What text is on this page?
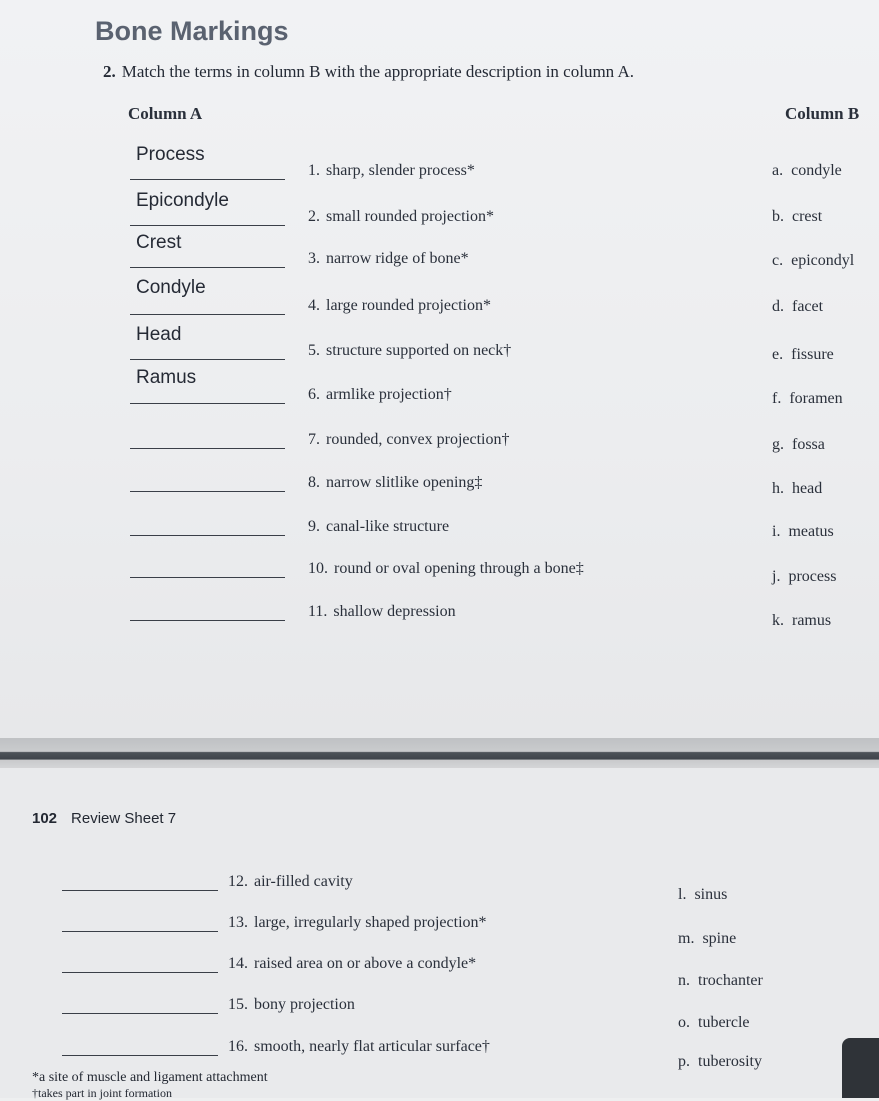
Bone Markings
2. Match the terms in column B with the appropriate description in column A.
Column A	Column B
Process
1. sharp, slender process*
Epicondyle
2. small rounded projection*
Crest
3. narrow ridge of bone*
Condyle
4. large rounded projection*
Head
5. structure supported on neck†
Ramus
6. armlike projection†
7. rounded, convex projection†
8. narrow slitlike opening‡
9. canal-like structure
10. round or oval opening through a bone‡
11. shallow depression
12. air-filled cavity
13. large, irregularly shaped projection*
14. raised area on or above a condyle*
15. bony projection
16. smooth, nearly flat articular surface†
a. condyle
b. crest
c. epicondyl
d. facet
e. fissure
f. foramen
g. fossa
h. head
i. meatus
j. process
k. ramus
l. sinus
m. spine
n. trochanter
o. tubercle
p. tuberosity
102 Review Sheet 7
*a site of muscle and ligament attachment
†takes part in joint formation
